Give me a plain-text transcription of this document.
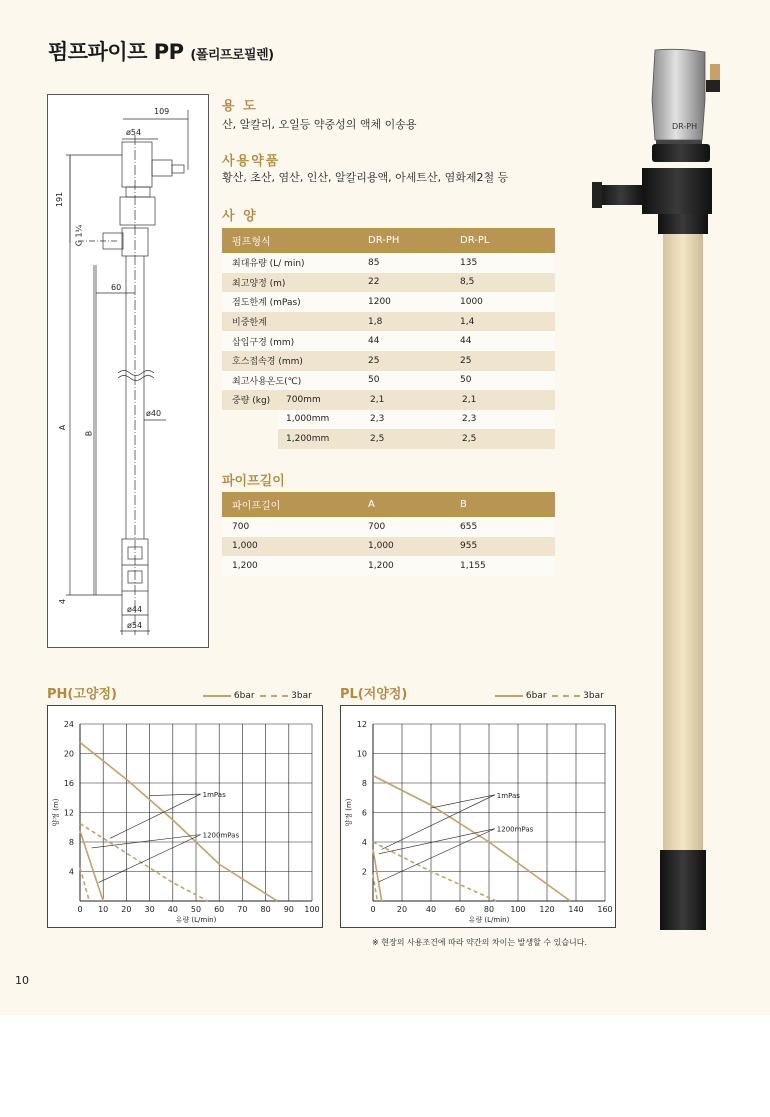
펌프파이프 PP (폴리프로필렌)
109
ø54
191
G 1¼
60
A
B
ø40
4
ø44
ø54
용 도
산, 알칼리, 오일등 약중성의 액체 이송용
사용약품
황산, 초산, 염산, 인산, 알칼리용액, 아세트산, 염화제2철 등
사 양
펌프형식	DR-PH	DR-PL
최대유량 (L/ min)	85	135
최고양정 (m)	22	8,5
점도한계 (mPas)	1200	1000
비중한계	1,8	1,4
삽입구경 (mm)	44	44
호스접속경 (mm)	25	25
최고사용온도(℃)	50	50
중량 (kg)		700mm	2,1	2,1
1,000mm	2,3	2,3
1,200mm	2,5	2,5
파이프길이
파이프길이	A	B
700	700	655
1,000	1,000	955
1,200	1,200	1,155
DR-PH
PH(고양정)	6bar	3bar
0 10 20 30 40 50 60 70 80 90 100
4
8
12
16
20
24
유량 (L/min)
양정 (m)
1mPas
1200mPas
PL(저양정)	6bar	3bar
0	20 40 60 80 100 120 140 160
2
4
6
8
10
12
유량 (L/min)
양정 (m)
1mPas
1200mPas
※ 현장의 사용조건에 따라 약간의 차이는 발생할 수 있습니다.
10
